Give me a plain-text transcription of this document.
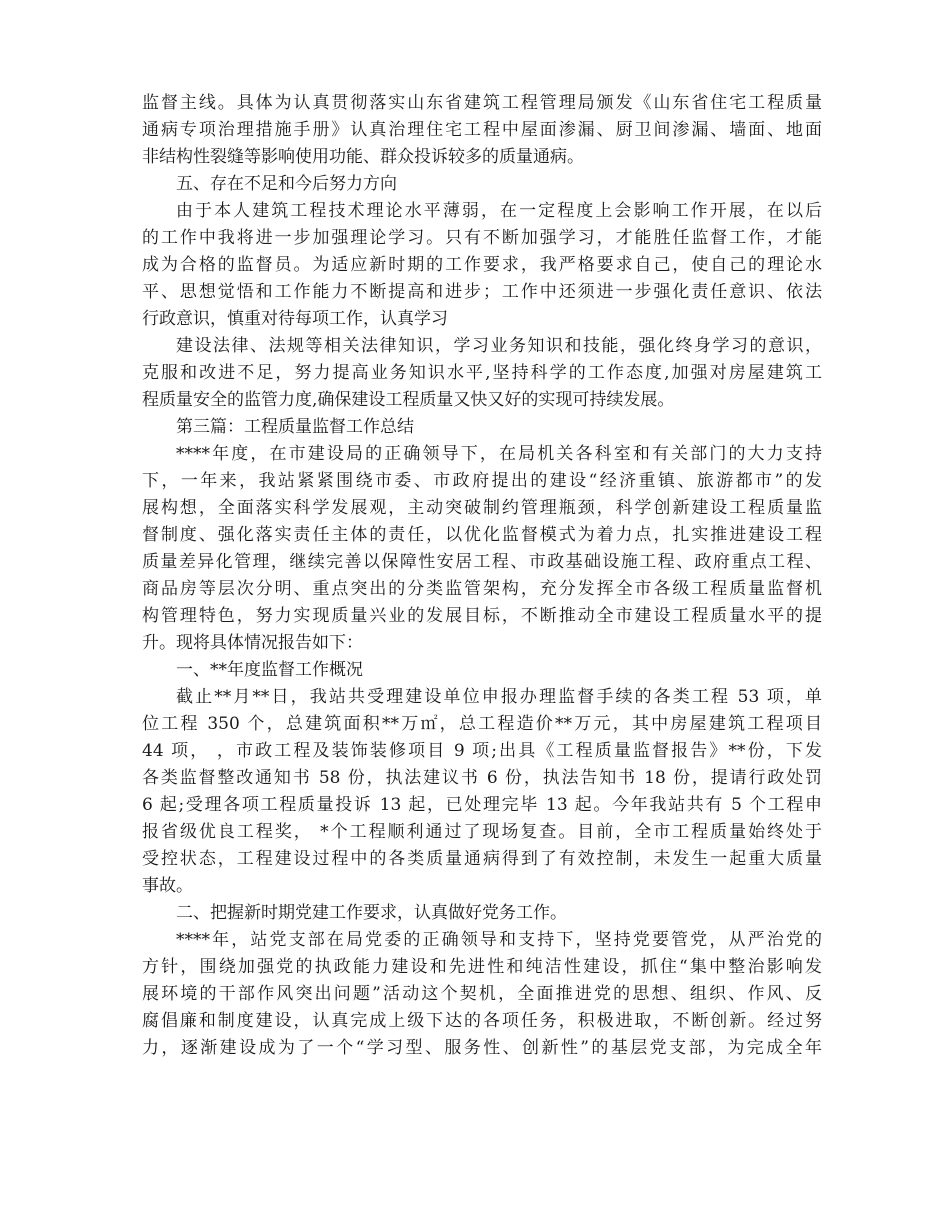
监督主线。具体为认真贯彻落实山东省建筑工程管理局颁发《山东省住宅工程质量
通病专项治理措施手册》认真治理住宅工程中屋面渗漏、厨卫间渗漏、墙面、地面
非结构性裂缝等影响使用功能、群众投诉较多的质量通病。
五、存在不足和今后努力方向
由于本人建筑工程技术理论水平薄弱，在一定程度上会影响工作开展，在以后
的工作中我将进一步加强理论学习。只有不断加强学习，才能胜任监督工作，才能
成为合格的监督员。为适应新时期的工作要求，我严格要求自己，使自己的理论水
平、思想觉悟和工作能力不断提高和进步；工作中还须进一步强化责任意识、依法
行政意识，慎重对待每项工作，认真学习
建设法律、法规等相关法律知识，学习业务知识和技能，强化终身学习的意识，
克服和改进不足，努力提高业务知识水平,坚持科学的工作态度,加强对房屋建筑工
程质量安全的监管力度,确保建设工程质量又快又好的实现可持续发展。
第三篇：工程质量监督工作总结
****年度，在市建设局的正确领导下，在局机关各科室和有关部门的大力支持
下，一年来，我站紧紧围绕市委、市政府提出的建设“经济重镇、旅游都市”的发
展构想，全面落实科学发展观，主动突破制约管理瓶颈，科学创新建设工程质量监
督制度、强化落实责任主体的责任，以优化监督模式为着力点，扎实推进建设工程
质量差异化管理，继续完善以保障性安居工程、市政基础设施工程、政府重点工程、
商品房等层次分明、重点突出的分类监管架构，充分发挥全市各级工程质量监督机
构管理特色，努力实现质量兴业的发展目标，不断推动全市建设工程质量水平的提
升。现将具体情况报告如下：
一、**年度监督工作概况
截止**月**日，我站共受理建设单位申报办理监督手续的各类工程 53 项，单
位工程 350 个，总建筑面积**万㎡，总工程造价**万元，其中房屋建筑工程项目
44 项， ，市政工程及装饰装修项目 9 项;出具《工程质量监督报告》**份，下发
各类监督整改通知书 58 份，执法建议书 6 份，执法告知书 18 份，提请行政处罚
6 起;受理各项工程质量投诉 13 起，已处理完毕 13 起。今年我站共有 5 个工程申
报省级优良工程奖， *个工程顺利通过了现场复查。目前，全市工程质量始终处于
受控状态，工程建设过程中的各类质量通病得到了有效控制，未发生一起重大质量
事故。
二、把握新时期党建工作要求，认真做好党务工作。
****年，站党支部在局党委的正确领导和支持下，坚持党要管党，从严治党的
方针，围绕加强党的执政能力建设和先进性和纯洁性建设，抓住“集中整治影响发
展环境的干部作风突出问题”活动这个契机，全面推进党的思想、组织、作风、反
腐倡廉和制度建设，认真完成上级下达的各项任务，积极进取，不断创新。经过努
力，逐渐建设成为了一个“学习型、服务性、创新性”的基层党支部，为完成全年
